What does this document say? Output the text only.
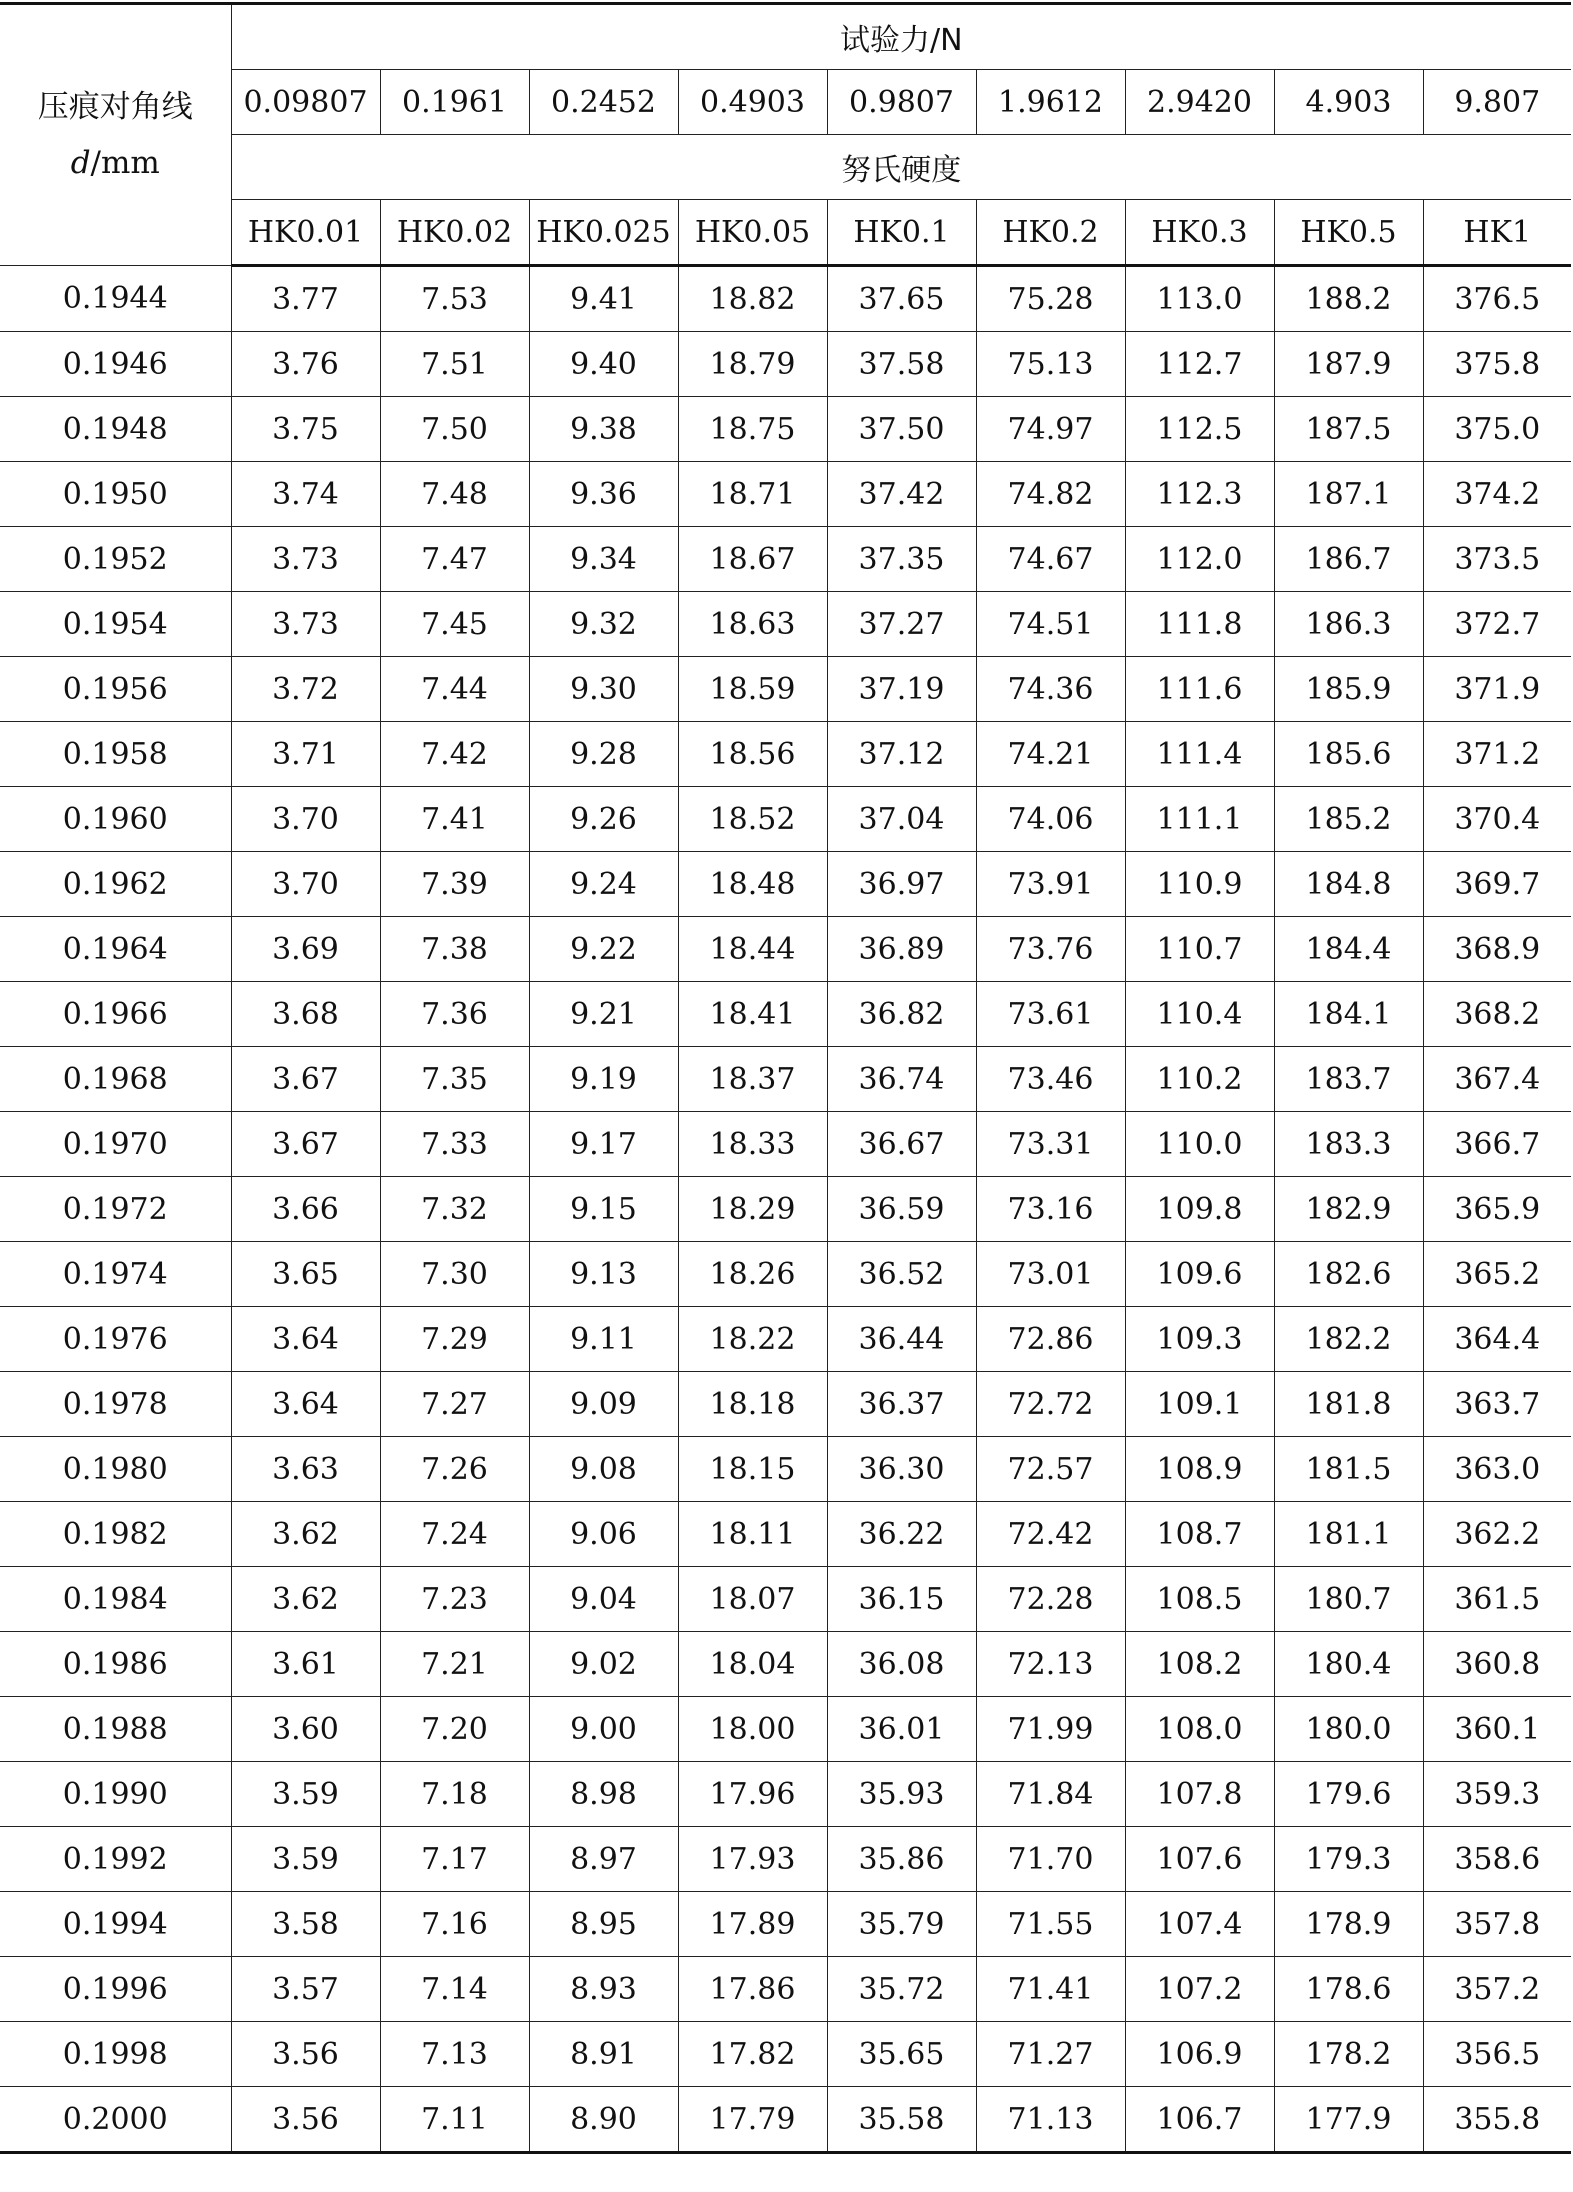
压痕对角线
d/mm	试验力/N								
	0.09807	0.1961	0.2452	0.4903	0.9807	1.9612	2.9420	4.903	9.807
	努氏硬度								
	HK0.01	HK0.02	HK0.025	HK0.05	HK0.1	HK0.2	HK0.3	HK0.5	HK1
0.1944	3.77	7.53	9.41	18.82	37.65	75.28	113.0	188.2	376.5
0.1946	3.76	7.51	9.40	18.79	37.58	75.13	112.7	187.9	375.8
0.1948	3.75	7.50	9.38	18.75	37.50	74.97	112.5	187.5	375.0
0.1950	3.74	7.48	9.36	18.71	37.42	74.82	112.3	187.1	374.2
0.1952	3.73	7.47	9.34	18.67	37.35	74.67	112.0	186.7	373.5
0.1954	3.73	7.45	9.32	18.63	37.27	74.51	111.8	186.3	372.7
0.1956	3.72	7.44	9.30	18.59	37.19	74.36	111.6	185.9	371.9
0.1958	3.71	7.42	9.28	18.56	37.12	74.21	111.4	185.6	371.2
0.1960	3.70	7.41	9.26	18.52	37.04	74.06	111.1	185.2	370.4
0.1962	3.70	7.39	9.24	18.48	36.97	73.91	110.9	184.8	369.7
0.1964	3.69	7.38	9.22	18.44	36.89	73.76	110.7	184.4	368.9
0.1966	3.68	7.36	9.21	18.41	36.82	73.61	110.4	184.1	368.2
0.1968	3.67	7.35	9.19	18.37	36.74	73.46	110.2	183.7	367.4
0.1970	3.67	7.33	9.17	18.33	36.67	73.31	110.0	183.3	366.7
0.1972	3.66	7.32	9.15	18.29	36.59	73.16	109.8	182.9	365.9
0.1974	3.65	7.30	9.13	18.26	36.52	73.01	109.6	182.6	365.2
0.1976	3.64	7.29	9.11	18.22	36.44	72.86	109.3	182.2	364.4
0.1978	3.64	7.27	9.09	18.18	36.37	72.72	109.1	181.8	363.7
0.1980	3.63	7.26	9.08	18.15	36.30	72.57	108.9	181.5	363.0
0.1982	3.62	7.24	9.06	18.11	36.22	72.42	108.7	181.1	362.2
0.1984	3.62	7.23	9.04	18.07	36.15	72.28	108.5	180.7	361.5
0.1986	3.61	7.21	9.02	18.04	36.08	72.13	108.2	180.4	360.8
0.1988	3.60	7.20	9.00	18.00	36.01	71.99	108.0	180.0	360.1
0.1990	3.59	7.18	8.98	17.96	35.93	71.84	107.8	179.6	359.3
0.1992	3.59	7.17	8.97	17.93	35.86	71.70	107.6	179.3	358.6
0.1994	3.58	7.16	8.95	17.89	35.79	71.55	107.4	178.9	357.8
0.1996	3.57	7.14	8.93	17.86	35.72	71.41	107.2	178.6	357.2
0.1998	3.56	7.13	8.91	17.82	35.65	71.27	106.9	178.2	356.5
0.2000	3.56	7.11	8.90	17.79	35.58	71.13	106.7	177.9	355.8
